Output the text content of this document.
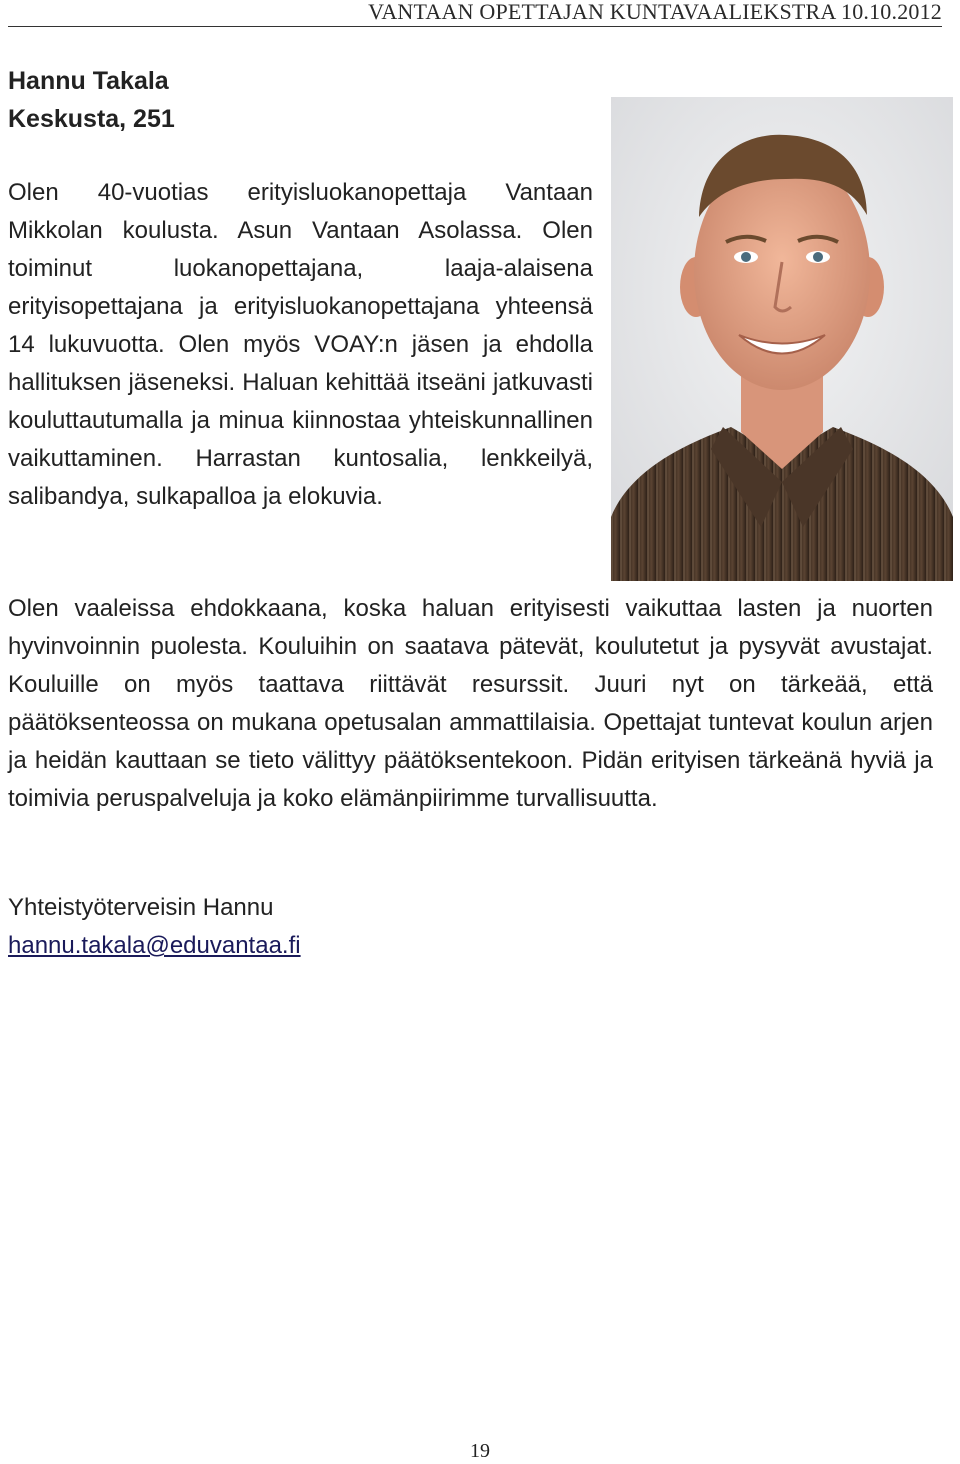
VANTAAN OPETTAJAN KUNTAVAALIEKSTRA 10.10.2012
Hannu Takala
Keskusta, 251

Olen 40-vuotias erityisluokanopettaja Vantaan Mikkolan koulusta. Asun Vantaan Asolassa. Olen toiminut luokanopettajana, laaja-alaisena erityisopettajana ja erityisluokanopettajana yhteensä 14 lukuvuotta. Olen myös VOAY:n jäsen ja ehdolla hallituksen jäseneksi. Haluan kehittää itseäni jatkuvasti kouluttautumalla ja minua kiinnostaa yhteiskunnallinen vaikuttaminen. Harrastan kuntosalia, lenkkeilyä, salibandya, sulkapalloa ja elokuvia.

Olen vaaleissa ehdokkaana, koska haluan erityisesti vaikuttaa lasten ja nuorten hyvinvoinnin puolesta. Kouluihin on saatava pätevät, koulutetut ja pysyvät avustajat. Kouluille on myös taattava riittävät resurssit. Juuri nyt on tärkeää, että päätöksenteossa on mukana opetusalan ammattilaisia. Opettajat tuntevat koulun arjen ja heidän kauttaan se tieto välittyy päätöksentekoon. Pidän erityisen tärkeänä hyviä ja toimivia peruspalveluja ja koko elämänpiirimme turvallisuutta.

Yhteistyöterveisin Hannu
hannu.takala@eduvantaa.fi
19
